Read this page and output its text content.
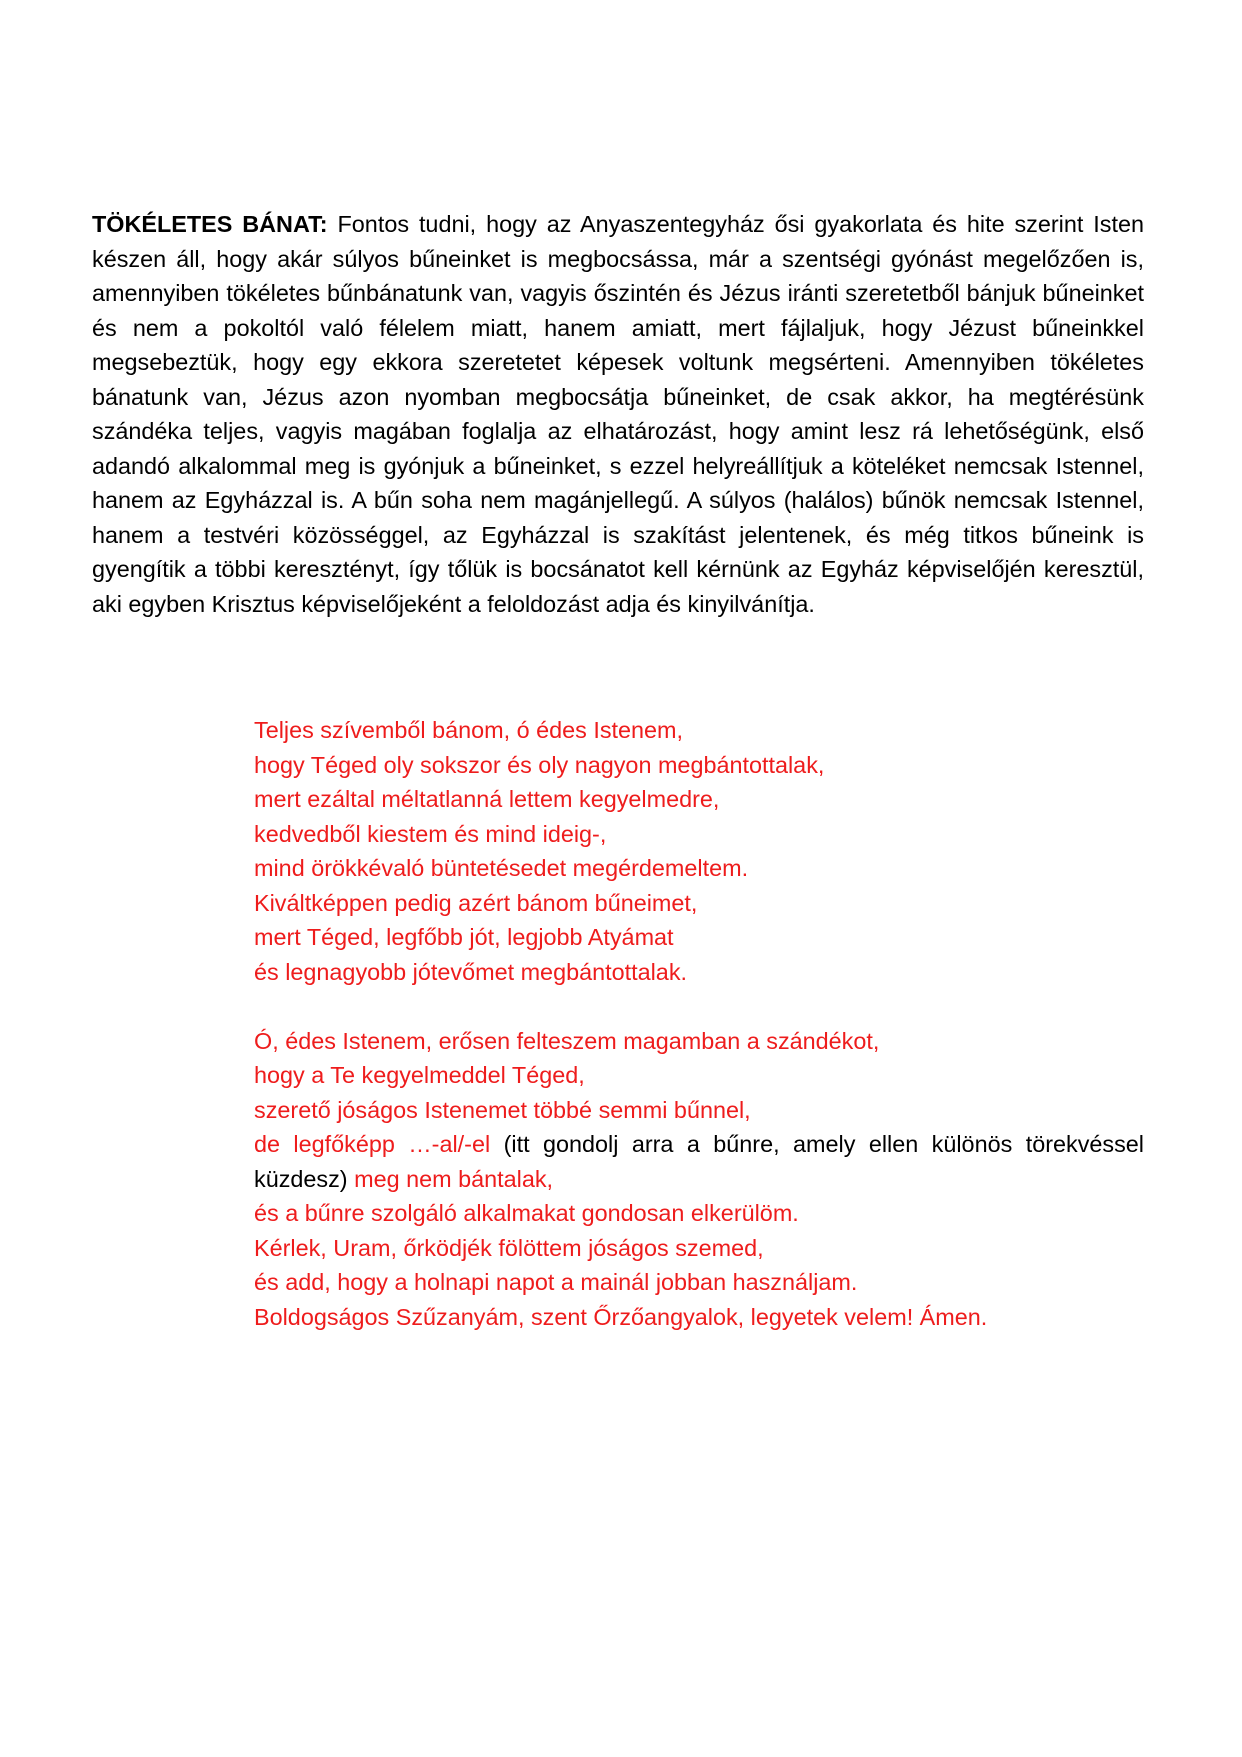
TÖKÉLETES BÁNAT: Fontos tudni, hogy az Anyaszentegyház ősi gyakorlata és hite szerint Isten készen áll, hogy akár súlyos bűneinket is megbocsássa, már a szentségi gyónást megelőzően is, amennyiben tökéletes bűnbánatunk van, vagyis őszintén és Jézus iránti szeretetből bánjuk bűneinket és nem a pokoltól való félelem miatt, hanem amiatt, mert fájlaljuk, hogy Jézust bűneinkkel megsebeztük, hogy egy ekkora szeretetet képesek voltunk megsérteni. Amennyiben tökéletes bánatunk van, Jézus azon nyomban megbocsátja bűneinket, de csak akkor, ha megtérésünk szándéka teljes, vagyis magában foglalja az elhatározást, hogy amint lesz rá lehetőségünk, első adandó alkalommal meg is gyónjuk a bűneinket, s ezzel helyreállítjuk a köteléket nemcsak Istennel, hanem az Egyházzal is. A bűn soha nem magánjellegű. A súlyos (halálos) bűnök nemcsak Istennel, hanem a testvéri közösséggel, az Egyházzal is szakítást jelentenek, és még titkos bűneink is gyengítik a többi keresztényt, így tőlük is bocsánatot kell kérnünk az Egyház képviselőjén keresztül, aki egyben Krisztus képviselőjeként a feloldozást adja és kinyilvánítja.

Teljes szívemből bánom, ó édes Istenem,
hogy Téged oly sokszor és oly nagyon megbántottalak,
mert ezáltal méltatlanná lettem kegyelmedre,
kedvedből kiestem és mind ideig-,
mind örökkévaló büntetésedet megérdemeltem.
Kiváltképpen pedig azért bánom bűneimet,
mert Téged, legfőbb jót, legjobb Atyámat
és legnagyobb jótevőmet megbántottalak.
Ó, édes Istenem, erősen felteszem magamban a szándékot,
hogy a Te kegyelmeddel Téged,
szerető jóságos Istenemet többé semmi bűnnel,
de legfőképp …-al/-el (itt gondolj arra a bűnre, amely ellen különös törekvéssel küzdesz) meg nem bántalak,
és a bűnre szolgáló alkalmakat gondosan elkerülöm.
Kérlek, Uram, őrködjék fölöttem jóságos szemed,
és add, hogy a holnapi napot a mainál jobban használjam.
Boldogságos Szűzanyám, szent Őrzőangyalok, legyetek velem! Ámen.
